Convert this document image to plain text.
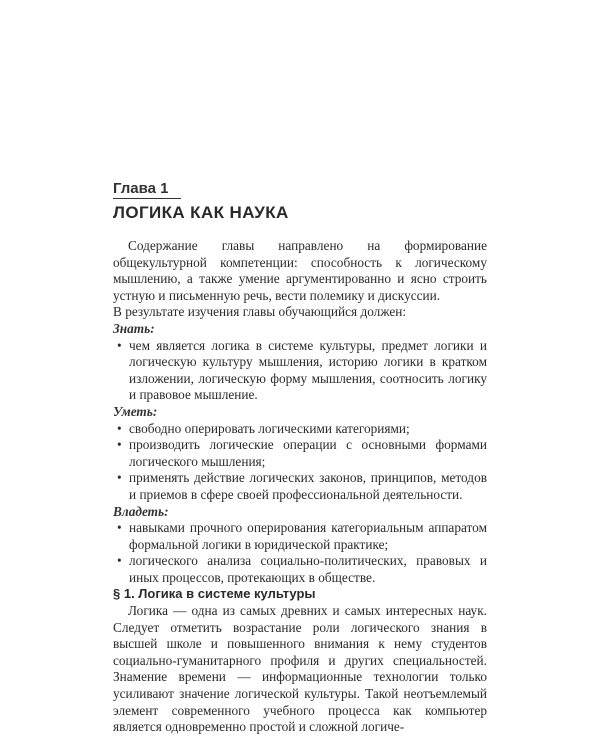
Глава 1

ЛОГИКА КАК НАУКА

Содержание главы направлено на формирование общекультурной компетенции: способность к логическому мышлению, а также умение аргументированно и ясно строить устную и письменную речь, вести полемику и дискуссии.

В результате изучения главы обучающийся должен:

Знать:

• чем является логика в системе культуры, предмет логики и логическую культуру мышления, историю логики в кратком изложении, логическую форму мышления, соотносить логику и правовое мышление.

Уметь:

• свободно оперировать логическими категориями;
• производить логические операции с основными формами логического мышления;
• применять действие логических законов, принципов, методов и приемов в сфере своей профессиональной деятельности.

Владеть:

• навыками прочного оперирования категориальным аппаратом формальной логики в юридической практике;
• логического анализа социально-политических, правовых и иных процессов, протекающих в обществе.

§ 1. Логика в системе культуры

Логика — одна из самых древних и самых интересных наук. Следует отметить возрастание роли логического знания в высшей школе и повышенного внимания к нему студентов социально-гуманитарного профиля и других специальностей. Знамение времени — информационные технологии только усиливают значение логической культуры. Такой неотъемлемый элемент современного учебного процесса как компьютер является одновременно простой и сложной логиче-
